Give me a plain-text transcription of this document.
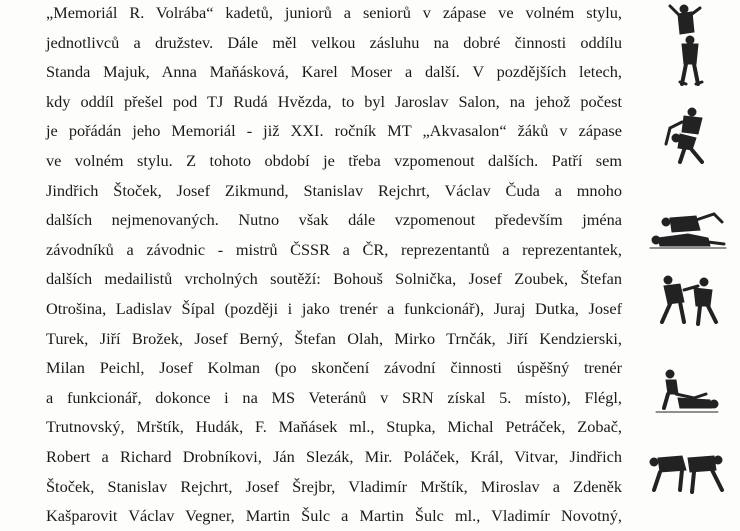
„Memoriál R. Volrába“ kadetů, juniorů a seniorů v zápase ve volném stylu,
jednotlivců a družstev. Dále měl velkou zásluhu na dobré činnosti oddílu
Standa Majuk, Anna Maňásková, Karel Moser a další. V pozdějších letech,
kdy oddíl přešel pod TJ Rudá Hvězda, to byl Jaroslav Salon, na jehož počest
je pořádán jeho Memoriál - již XXI. ročník MT „Akvasalon“ žáků v zápase
ve volném stylu. Z tohoto období je třeba vzpomenout dalších. Patří sem
Jindřich Štoček, Josef Zikmund, Stanislav Rejchrt, Václav Čuda a mnoho
dalších nejmenovaných. Nutno však dále vzpomenout především jména
závodníků a závodnic - mistrů ČSSR a ČR, reprezentantů a reprezentantek,
dalších medailistů vrcholných soutěží: Bohouš Solnička, Josef Zoubek, Štefan
Otrošina, Ladislav Šípal (později i jako trenér a funkcionář), Juraj Dutka, Josef
Turek, Jiří Brožek, Josef Berný, Štefan Olah, Mirko Trnčák, Jiří Kendzierski,
Milan Peichl, Josef Kolman (po skončení závodní činnosti úspěšný trenér
a funkcionář, dokonce i na MS Veteránů v SRN získal 5. místo), Flégl,
Trutnovský, Mrštík, Hudák, F. Maňásek ml., Stupka, Michal Petráček, Zobač,
Robert a Richard Drobníkovi, Ján Slezák, Mir. Poláček, Král, Vitvar, Jindřich
Štoček, Stanislav Rejchrt, Josef Šrejbr, Vladimír Mrštík, Miroslav a Zdeněk
Kašparovit Václav Vegner, Martin Šulc a Martin Šulc ml., Vladimír Novotný,
